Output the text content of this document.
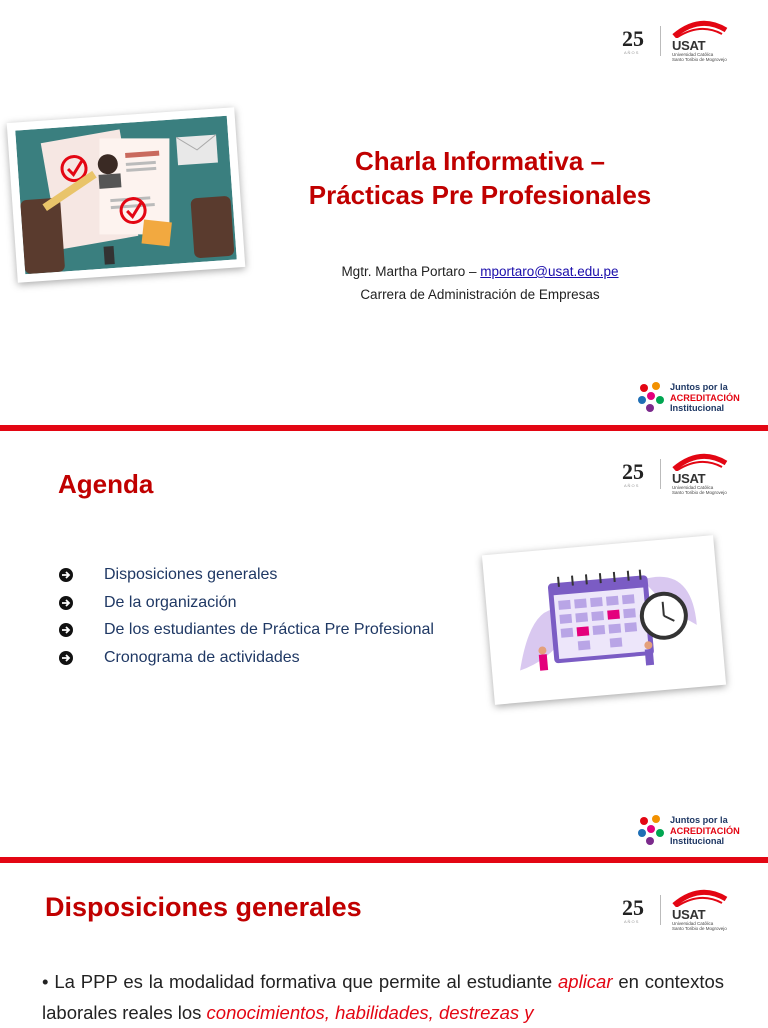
25
A Ñ O S	USAT
Universidad Católica
Santo Toribio de Mogrovejo
Charla Informativa –
Prácticas Pre Profesionales
Mgtr. Martha Portaro – mportaro@usat.edu.pe
Carrera de Administración de Empresas
Juntos por la
ACREDITACIÓN
Institucional
25
A Ñ O S	USAT
Universidad Católica
Santo Toribio de Mogrovejo
Agenda
Disposiciones generales
De la organización
De los estudiantes de Práctica Pre Profesional
Cronograma de actividades
Juntos por la
ACREDITACIÓN
Institucional
25
A Ñ O S	USAT
Universidad Católica
Santo Toribio de Mogrovejo
Disposiciones generales
• La PPP es la modalidad formativa que permite al estudiante aplicar en contextos laborales reales los conocimientos, habilidades, destrezas y
